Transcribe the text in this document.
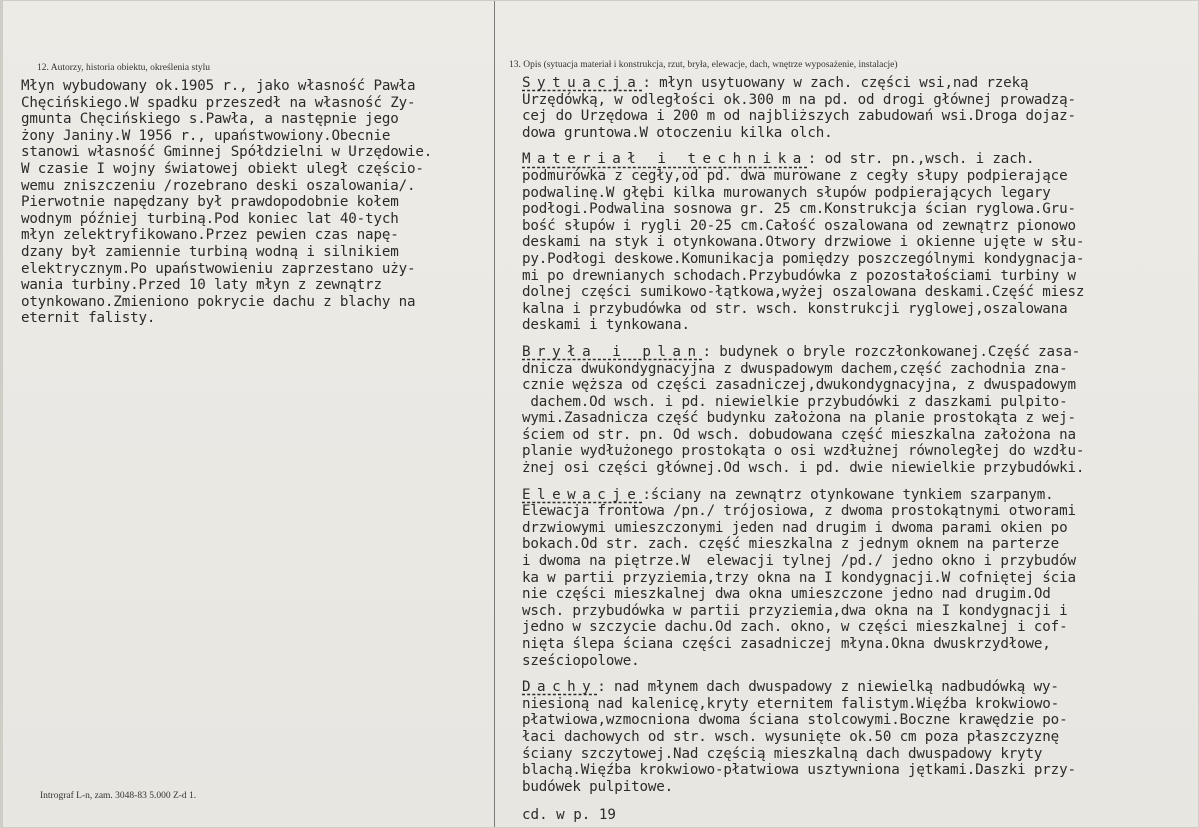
12. Autorzy, historia obiektu, określenia stylu	13. Opis (sytuacja materiał i konstrukcja, rzut, bryła, elewacje, dach, wnętrze wyposażenie, instalacje)
Młyn wybudowany ok.1905 r., jako własność Pawła
Chęcińskiego.W spadku przeszedł na własność Zy-
gmunta Chęcińskiego s.Pawła, a następnie jego
żony Janiny.W 1956 r., upaństwowiony.Obecnie
stanowi własność Gminnej Spółdzielni w Urzędowie.
W czasie I wojny światowej obiekt uległ częścio-
wemu zniszczeniu /rozebrano deski oszalowania/.
Pierwotnie napędzany był prawdopodobnie kołem
wodnym później turbiną.Pod koniec lat 40-tych
młyn zelektryfikowano.Przez pewien czas napę-
dzany był zamiennie turbiną wodną i silnikiem
elektrycznym.Po upaństwowieniu zaprzestano uży-
wania turbiny.Przed 10 laty młyn z zewnątrz
otynkowano.Zmieniono pokrycie dachu z blachy na
eternit falisty.
Sytuacja: młyn usytuowany w zach. części wsi,nad rzeką
Urzędówką, w odległości ok.300 m na pd. od drogi głównej prowadzą-
cej do Urzędowa i 200 m od najbliższych zabudowań wsi.Droga dojaz-
dowa gruntowa.W otoczeniu kilka olch.
Materiał i technika: od str. pn.,wsch. i zach.
podmurówka z cegły,od pd. dwa murowane z cegły słupy podpierające
podwalinę.W głębi kilka murowanych słupów podpierających legary
podłogi.Podwalina sosnowa gr. 25 cm.Konstrukcja ścian ryglowa.Gru-
bość słupów i rygli 20-25 cm.Całość oszalowana od zewnątrz pionowo
deskami na styk i otynkowana.Otwory drzwiowe i okienne ujęte w słu-
py.Podłogi deskowe.Komunikacja pomiędzy poszczególnymi kondygnacja-
mi po drewnianych schodach.Przybudówka z pozostałościami turbiny w
dolnej części sumikowo-łątkowa,wyżej oszalowana deskami.Część miesz
kalna i przybudówka od str. wsch. konstrukcji ryglowej,oszalowana
deskami i tynkowana.
Bryła i plan: budynek o bryle rozczłonkowanej.Część zasa-
dnicza dwukondygnacyjna z dwuspadowym dachem,część zachodnia zna-
cznie węższa od części zasadniczej,dwukondygnacyjna, z dwuspadowym
dachem.Od wsch. i pd. niewielkie przybudówki z daszkami pulpito-
wymi.Zasadnicza część budynku założona na planie prostokąta z wej-
ściem od str. pn. Od wsch. dobudowana część mieszkalna założona na
planie wydłużonego prostokąta o osi wzdłużnej równoległej do wzdłu-
żnej osi części głównej.Od wsch. i pd. dwie niewielkie przybudówki.
Elewacje:ściany na zewnątrz otynkowane tynkiem szarpanym.
Elewacja frontowa /pn./ trójosiowa, z dwoma prostokątnymi otworami
drzwiowymi umieszczonymi jeden nad drugim i dwoma parami okien po
bokach.Od str. zach. część mieszkalna z jednym oknem na parterze
i dwoma na piętrze.W  elewacji tylnej /pd./ jedno okno i przybudów
ka w partii przyziemia,trzy okna na I kondygnacji.W cofniętej ścia
nie części mieszkalnej dwa okna umieszczone jedno nad drugim.Od
wsch. przybudówka w partii przyziemia,dwa okna na I kondygnacji i
jedno w szczycie dachu.Od zach. okno, w części mieszkalnej i cof-
nięta ślepa ściana części zasadniczej młyna.Okna dwuskrzydłowe,
sześciopolowe.
Dachy: nad młynem dach dwuspadowy z niewielką nadbudówką wy-
niesioną nad kalenicę,kryty eternitem falistym.Więźba krokwiowo-
płatwiowa,wzmocniona dwoma ściana stolcowymi.Boczne krawędzie po-
łaci dachowych od str. wsch. wysunięte ok.50 cm poza płaszczyznę
ściany szczytowej.Nad częścią mieszkalną dach dwuspadowy kryty
blachą.Więźba krokwiowo-płatwiowa usztywniona jętkami.Daszki przy-
budówek pulpitowe.
Intrograf L-n, zam. 3048-83 5.000 Z-d 1.
cd. w p. 19
